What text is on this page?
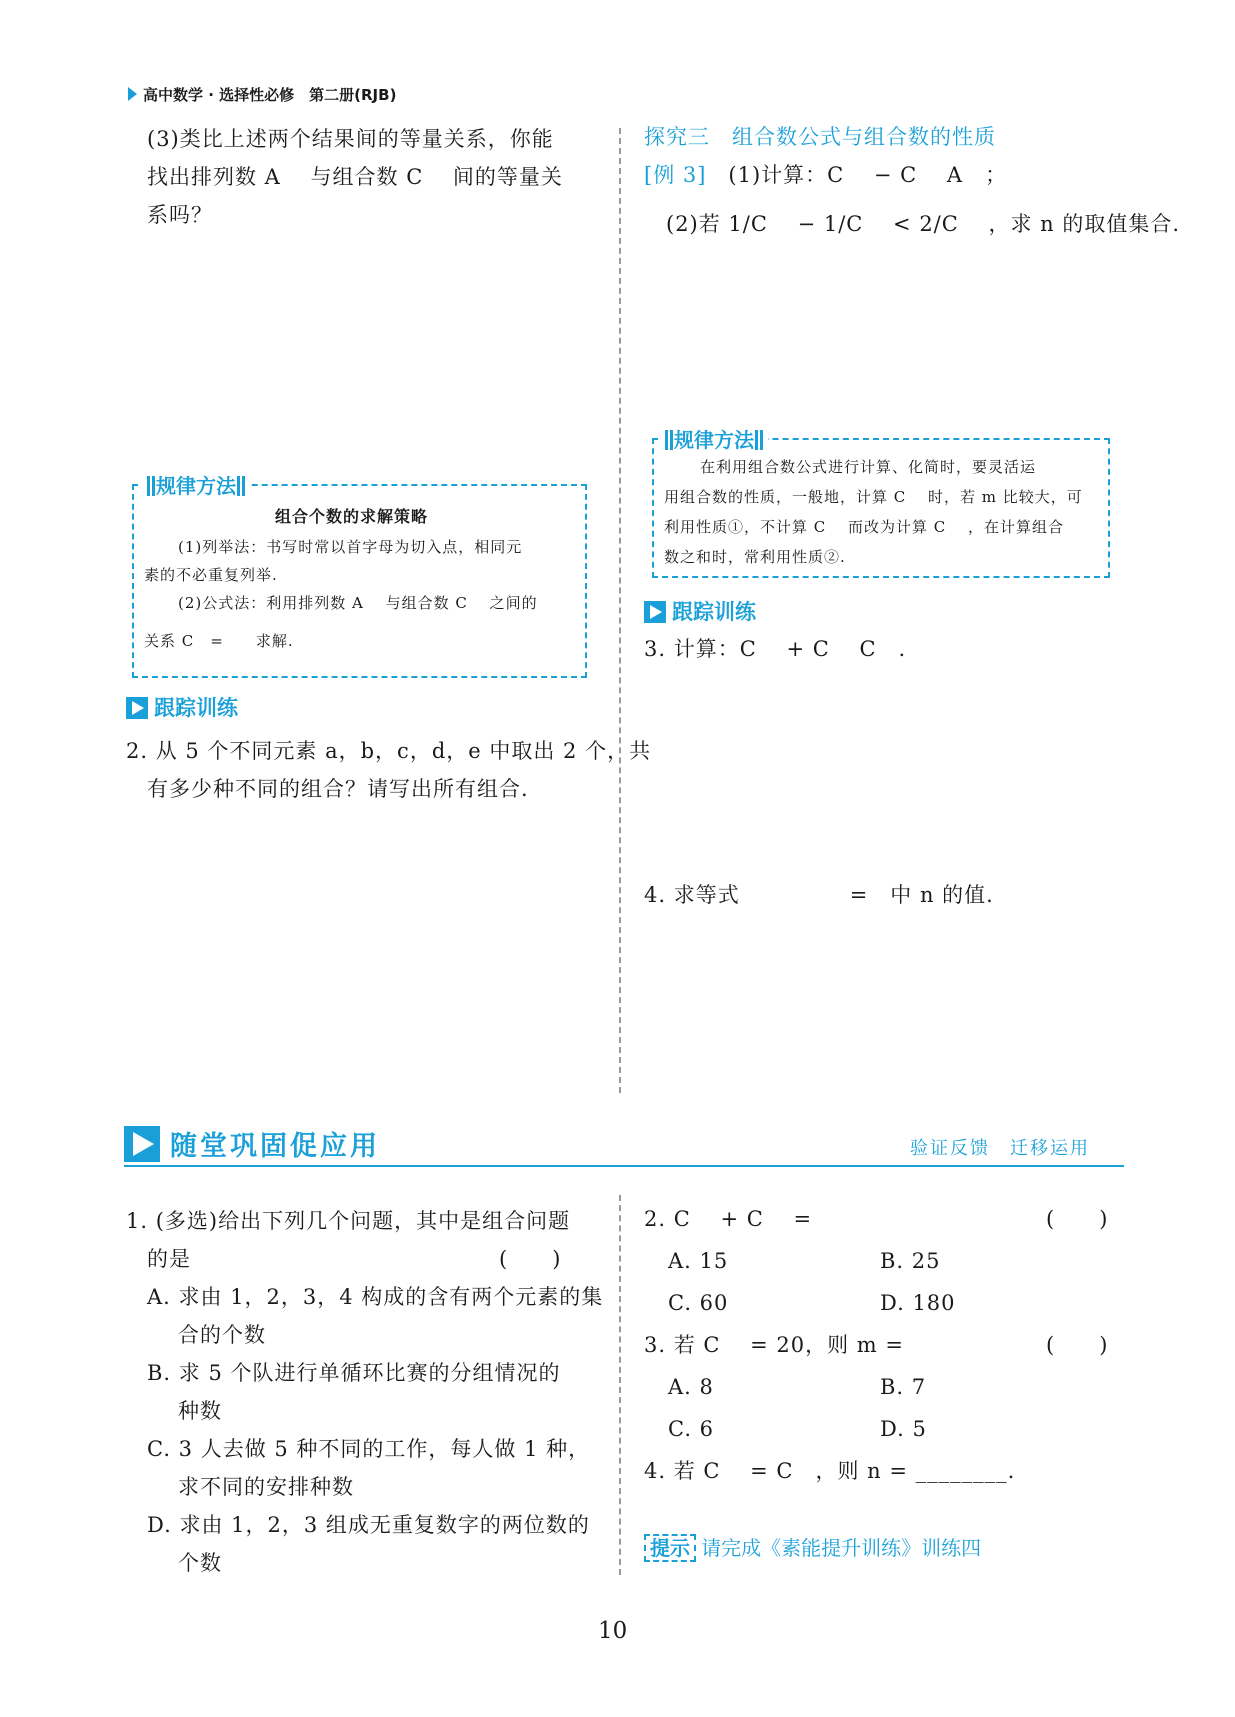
高中数学 · 选择性必修　第二册(RJB)
(3)类比上述两个结果间的等量关系，你能
找出排列数 A　 与组合数 C　 间的等量关
系吗？
规律方法
组合个数的求解策略
(1)列举法：书写时常以首字母为切入点，相同元
素的不必重复列举.
(2)公式法：利用排列数 A　 与组合数 C　 之间的
关系 C　=　　求解.
跟踪训练
2. 从 5 个不同元素 a，b，c，d，e 中取出 2 个，共
有多少种不同的组合？请写出所有组合.
探究三　组合数公式与组合数的性质
[例 3]　 (1)计算：C　 − C　 A　；
(2)若 1/C　 − 1/C　 < 2/C　 ，求 n 的取值集合.
规律方法
在利用组合数公式进行计算、化简时，要灵活运
用组合数的性质，一般地，计算 C　 时，若 m 比较大，可
利用性质①，不计算 C　 而改为计算 C　 ，在计算组合
数之和时，常利用性质②.
跟踪训练
3. 计算：C　 + C　 C　.
4. 求等式　　　　　=　中 n 的值.
随堂巩固促应用	验证反馈　迁移运用
1. (多选)给出下列几个问题，其中是组合问题
的是　　　　　　　　　　　　　　(　　)
A. 求由 1，2，3，4 构成的含有两个元素的集
合的个数
B. 求 5 个队进行单循环比赛的分组情况的
种数
C. 3 人去做 5 种不同的工作，每人做 1 种，
求不同的安排种数
D. 求由 1，2，3 组成无重复数字的两位数的
个数
2. C　 + C　 =	(　　)
A. 15	B. 25
C. 60	D. 180
3. 若 C　 = 20，则 m =	(　　)
A. 8	B. 7
C. 6	D. 5
4. 若 C　 = C　，则 n = ________.
提示 请完成《素能提升训练》训练四
10
